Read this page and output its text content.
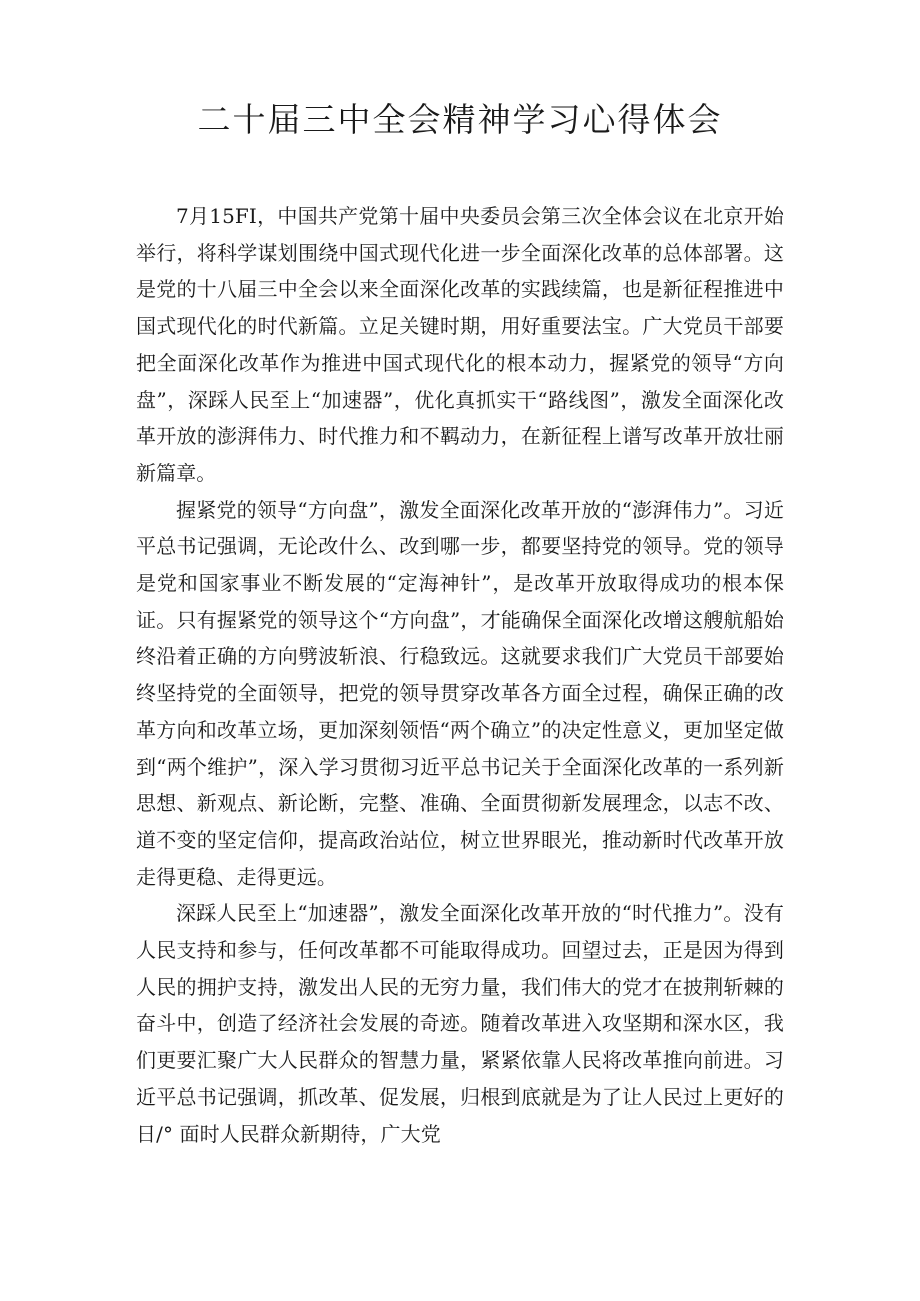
二十届三中全会精神学习心得体会

7月15FI，中国共产党第十届中央委员会第三次全体会议在北京开始举行，将科学谋划围绕中国式现代化进一步全面深化改革的总体部署。这是党的十八届三中全会以来全面深化改革的实践续篇，也是新征程推进中国式现代化的时代新篇。立足关键时期，用好重要法宝。广大党员干部要把全面深化改革作为推进中国式现代化的根本动力，握紧党的领导“方向盘”，深踩人民至上“加速器”，优化真抓实干“路线图”，激发全面深化改革开放的澎湃伟力、时代推力和不羁动力，在新征程上谱写改革开放壮丽新篇章。

握紧党的领导“方向盘”，激发全面深化改革开放的“澎湃伟力”。习近平总书记强调，无论改什么、改到哪一步，都要坚持党的领导。党的领导是党和国家事业不断发展的“定海神针”，是改革开放取得成功的根本保证。只有握紧党的领导这个“方向盘”，才能确保全面深化改增这艘航船始终沿着正确的方向劈波斩浪、行稳致远。这就要求我们广大党员干部要始终坚持党的全面领导，把党的领导贯穿改革各方面全过程，确保正确的改革方向和改革立场，更加深刻领悟“两个确立”的决定性意义，更加坚定做到“两个维护”，深入学习贯彻习近平总书记关于全面深化改革的一系列新思想、新观点、新论断，完整、准确、全面贯彻新发展理念，以志不改、道不变的坚定信仰，提高政治站位，树立世界眼光，推动新时代改革开放走得更稳、走得更远。

深踩人民至上“加速器”，激发全面深化改革开放的“时代推力”。没有人民支持和参与，任何改革都不可能取得成功。回望过去，正是因为得到人民的拥护支持，激发出人民的无穷力量，我们伟大的党才在披荆斩棘的奋斗中，创造了经济社会发展的奇迹。随着改革进入攻坚期和深水区，我们更要汇聚广大人民群众的智慧力量，紧紧依靠人民将改革推向前进。习近平总书记强调，抓改革、促发展，归根到底就是为了让人民过上更好的日/° 面时人民群众新期待，广大党
